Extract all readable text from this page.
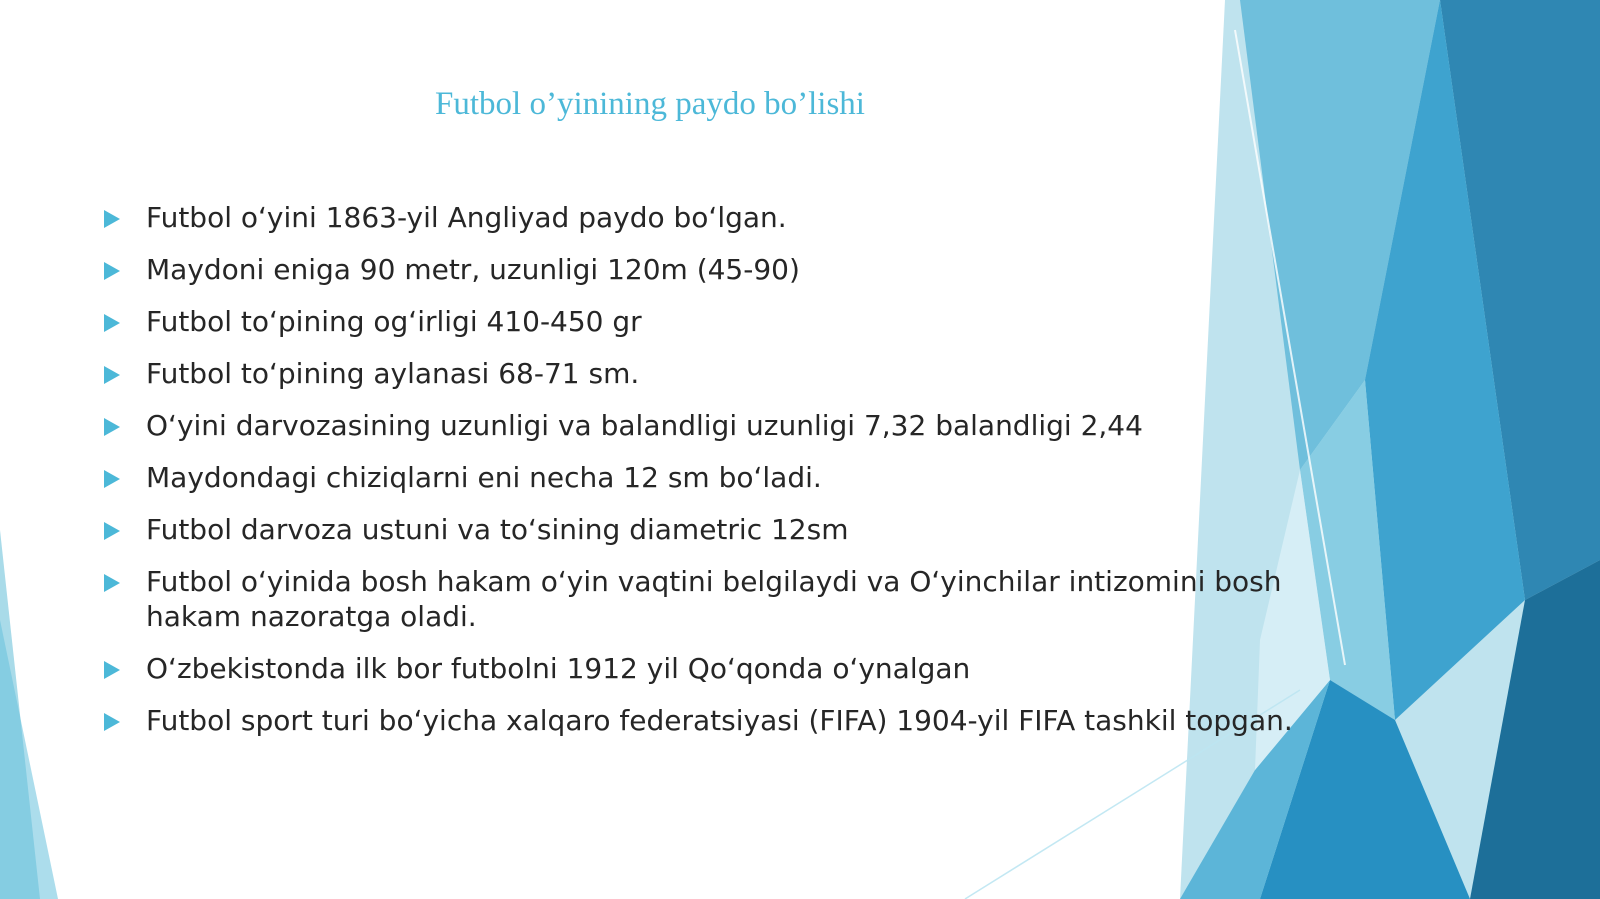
Futbol o’yinining paydo bo’lishi
Futbol oʻyini 1863-yil Angliyad paydo boʻlgan.
Maydoni eniga 90 metr, uzunligi 120m (45-90)
Futbol toʻpining ogʻirligi 410-450 gr
Futbol toʻpining aylanasi 68-71 sm.
Oʻyini darvozasining uzunligi va balandligi uzunligi 7,32 balandligi 2,44
Maydondagi chiziqlarni eni necha 12 sm boʻladi.
Futbol darvoza ustuni va toʻsining diametric 12sm
Futbol oʻyinida bosh hakam oʻyin vaqtini belgilaydi va Oʻyinchilar intizomini bosh hakam nazoratga oladi.
Oʻzbekistonda ilk bor futbolni 1912 yil Qoʻqonda oʻynalgan
Futbol sport turi boʻyicha xalqaro federatsiyasi (FIFA) 1904-yil FIFA tashkil topgan.
